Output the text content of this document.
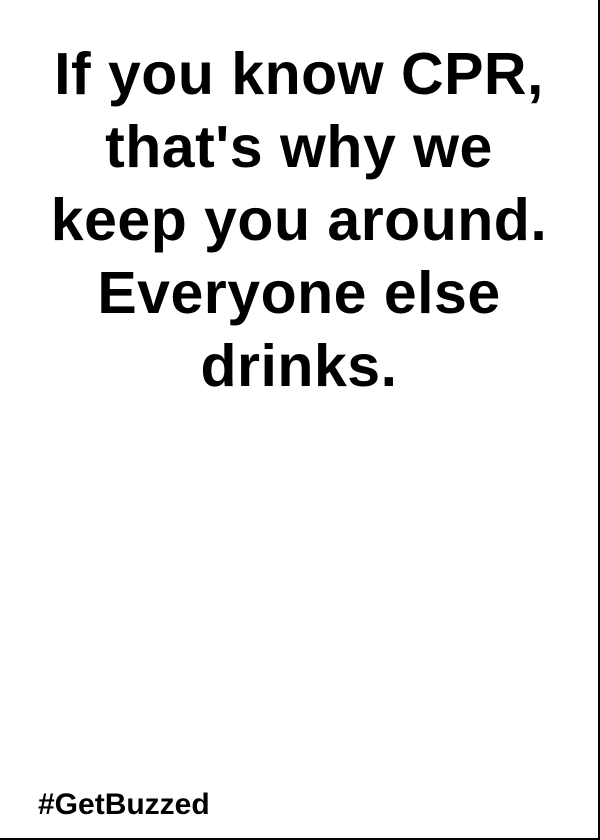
If you know CPR,
that's why we
keep you around.
Everyone else
drinks.

#GetBuzzed
